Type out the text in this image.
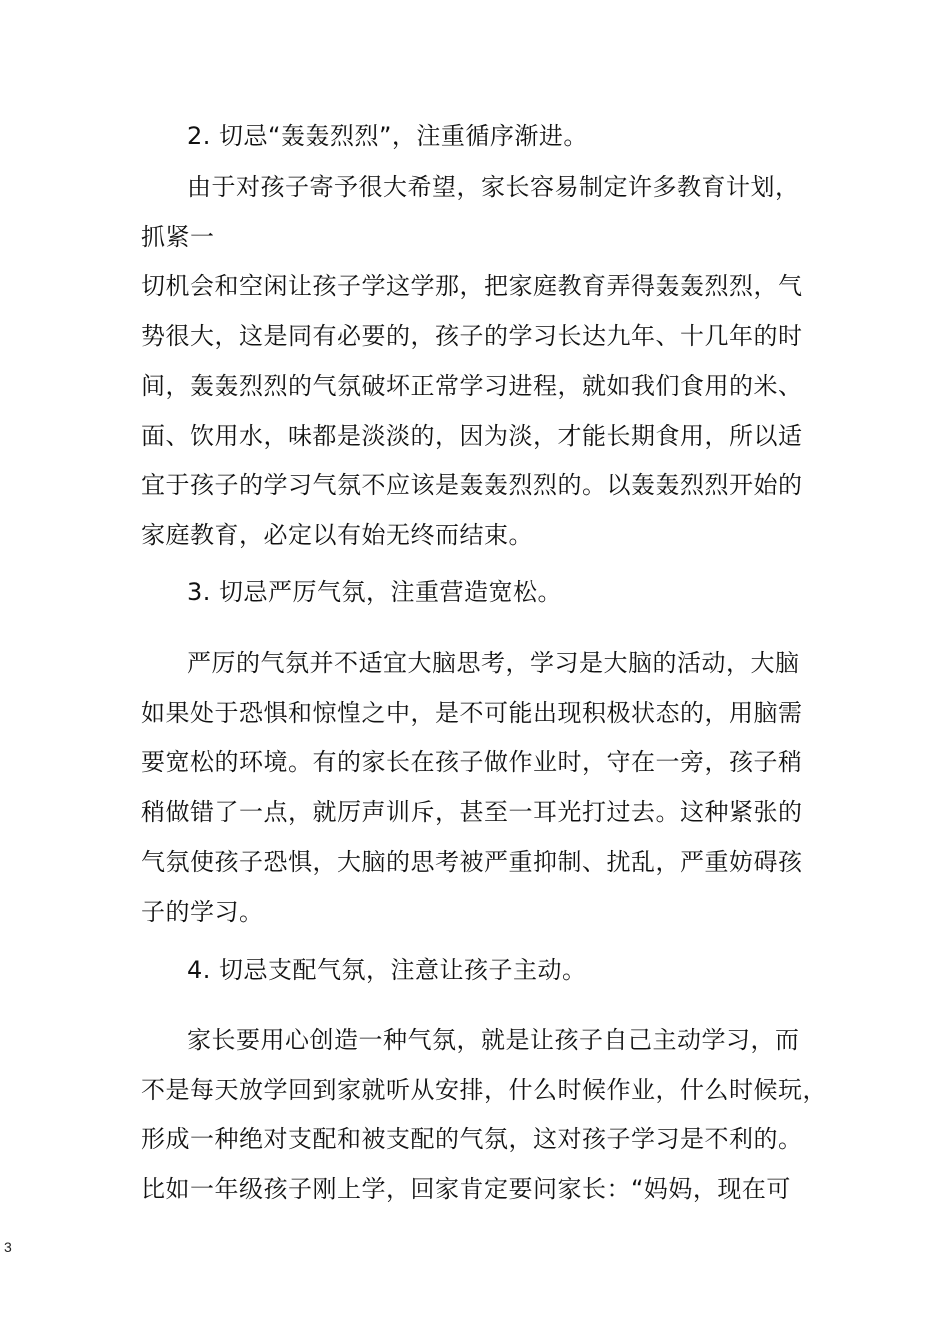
2. 切忌“轰轰烈烈”，注重循序渐进。
由于对孩子寄予很大希望，家长容易制定许多教育计划，
抓紧一
切机会和空闲让孩子学这学那，把家庭教育弄得轰轰烈烈，气
势很大，这是同有必要的，孩子的学习长达九年、十几年的时
间，轰轰烈烈的气氛破坏正常学习进程，就如我们食用的米、
面、饮用水，味都是淡淡的，因为淡，才能长期食用，所以适
宜于孩子的学习气氛不应该是轰轰烈烈的。以轰轰烈烈开始的
家庭教育，必定以有始无终而结束。
3. 切忌严厉气氛，注重营造宽松。
严厉的气氛并不适宜大脑思考，学习是大脑的活动，大脑
如果处于恐惧和惊惶之中，是不可能出现积极状态的，用脑需
要宽松的环境。有的家长在孩子做作业时，守在一旁，孩子稍
稍做错了一点，就厉声训斥，甚至一耳光打过去。这种紧张的
气氛使孩子恐惧，大脑的思考被严重抑制、扰乱，严重妨碍孩
子的学习。
4. 切忌支配气氛，注意让孩子主动。
家长要用心创造一种气氛，就是让孩子自己主动学习，而
不是每天放学回到家就听从安排，什么时候作业，什么时候玩，
形成一种绝对支配和被支配的气氛，这对孩子学习是不利的。
比如一年级孩子刚上学，回家肯定要问家长：“妈妈，现在可
3
